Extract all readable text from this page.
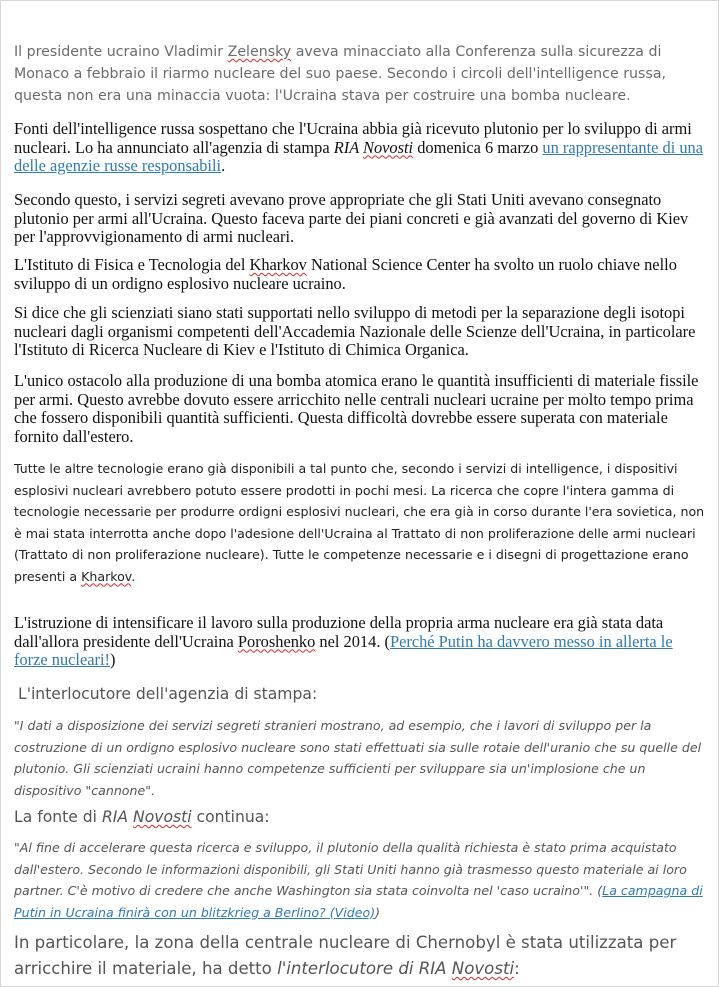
Il presidente ucraino Vladimir Zelensky aveva minacciato alla Conferenza sulla sicurezza di Monaco a febbraio il riarmo nucleare del suo paese. Secondo i circoli dell'intelligence russa, questa non era una minaccia vuota: l'Ucraina stava per costruire una bomba nucleare.

Fonti dell'intelligence russa sospettano che l'Ucraina abbia già ricevuto plutonio per lo sviluppo di armi nucleari. Lo ha annunciato all'agenzia di stampa RIA Novosti domenica 6 marzo un rappresentante di una delle agenzie russe responsabili.

Secondo questo, i servizi segreti avevano prove appropriate che gli Stati Uniti avevano consegnato plutonio per armi all'Ucraina. Questo faceva parte dei piani concreti e già avanzati del governo di Kiev per l'approvvigionamento di armi nucleari.

L'Istituto di Fisica e Tecnologia del Kharkov National Science Center ha svolto un ruolo chiave nello sviluppo di un ordigno esplosivo nucleare ucraino.

Si dice che gli scienziati siano stati supportati nello sviluppo di metodi per la separazione degli isotopi nucleari dagli organismi competenti dell'Accademia Nazionale delle Scienze dell'Ucraina, in particolare l'Istituto di Ricerca Nucleare di Kiev e l'Istituto di Chimica Organica.

L'unico ostacolo alla produzione di una bomba atomica erano le quantità insufficienti di materiale fissile per armi. Questo avrebbe dovuto essere arricchito nelle centrali nucleari ucraine per molto tempo prima che fossero disponibili quantità sufficienti. Questa difficoltà dovrebbe essere superata con materiale fornito dall'estero.

Tutte le altre tecnologie erano già disponibili a tal punto che, secondo i servizi di intelligence, i dispositivi esplosivi nucleari avrebbero potuto essere prodotti in pochi mesi. La ricerca che copre l'intera gamma di tecnologie necessarie per produrre ordigni esplosivi nucleari, che era già in corso durante l'era sovietica, non è mai stata interrotta anche dopo l'adesione dell'Ucraina al Trattato di non proliferazione delle armi nucleari (Trattato di non proliferazione nucleare). Tutte le competenze necessarie e i disegni di progettazione erano presenti a Kharkov.

L'istruzione di intensificare il lavoro sulla produzione della propria arma nucleare era già stata data dall'allora presidente dell'Ucraina Poroshenko nel 2014. (Perché Putin ha davvero messo in allerta le forze nucleari!)

L'interlocutore dell'agenzia di stampa:

"I dati a disposizione dei servizi segreti stranieri mostrano, ad esempio, che i lavori di sviluppo per la costruzione di un ordigno esplosivo nucleare sono stati effettuati sia sulle rotaie dell'uranio che su quelle del plutonio. Gli scienziati ucraini hanno competenze sufficienti per sviluppare sia un'implosione che un dispositivo "cannone".

La fonte di RIA Novosti continua:

"Al fine di accelerare questa ricerca e sviluppo, il plutonio della qualità richiesta è stato prima acquistato dall'estero. Secondo le informazioni disponibili, gli Stati Uniti hanno già trasmesso questo materiale ai loro partner. C'è motivo di credere che anche Washington sia stata coinvolta nel 'caso ucraino'". (La campagna di Putin in Ucraina finirà con un blitzkrieg a Berlino? (Video))

In particolare, la zona della centrale nucleare di Chernobyl è stata utilizzata per arricchire il materiale, ha detto l'interlocutore di RIA Novosti:
